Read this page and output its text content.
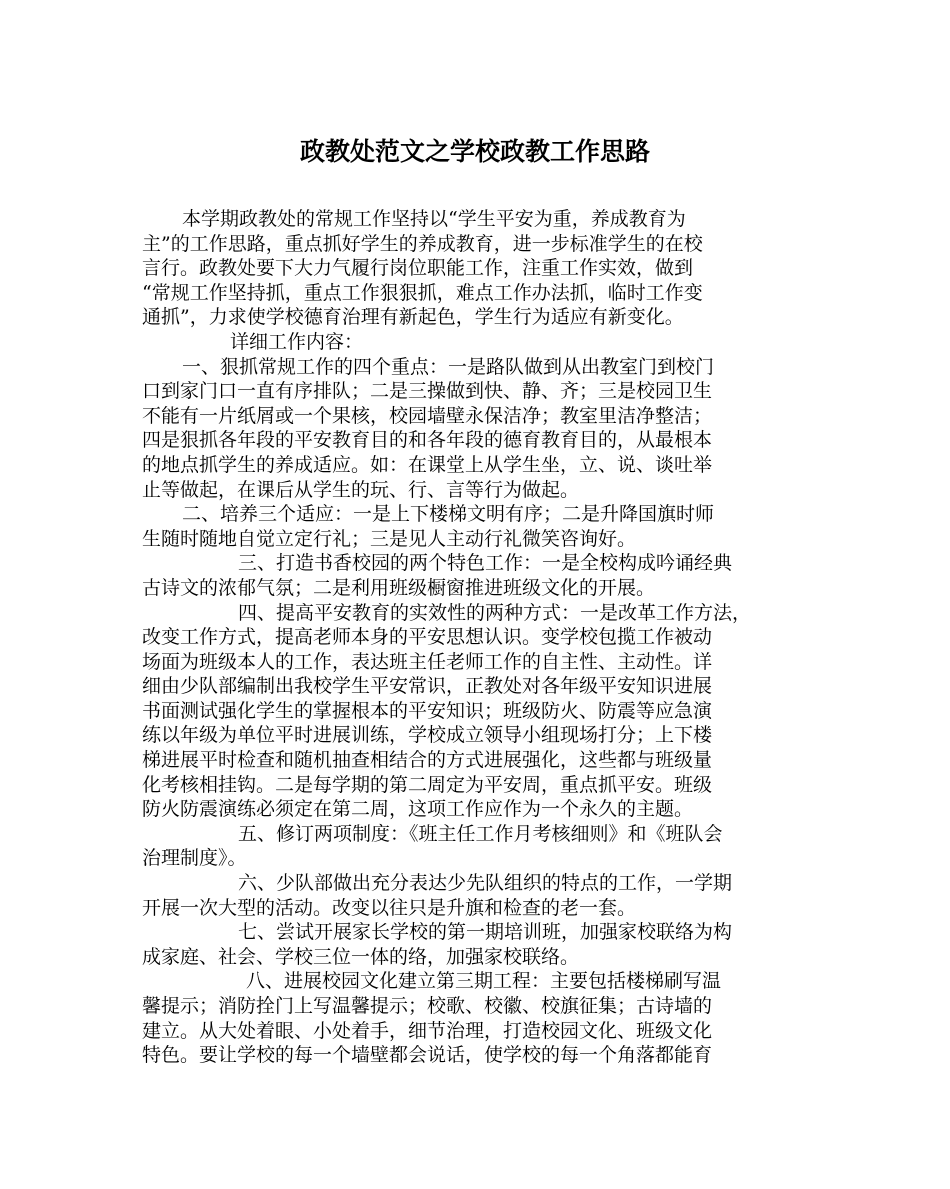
政教处范文之学校政教工作思路
本学期政教处的常规工作坚持以“学生平安为重，养成教育为
主”的工作思路，重点抓好学生的养成教育，进一步标准学生的在校
言行。政教处要下大力气履行岗位职能工作，注重工作实效，做到
“常规工作坚持抓，重点工作狠狠抓，难点工作办法抓，临时工作变
通抓”，力求使学校德育治理有新起色，学生行为适应有新变化。
详细工作内容：
一、狠抓常规工作的四个重点：一是路队做到从出教室门到校门
口到家门口一直有序排队；二是三操做到快、静、齐；三是校园卫生
不能有一片纸屑或一个果核，校园墙壁永保洁净；教室里洁净整洁；
四是狠抓各年段的平安教育目的和各年段的德育教育目的，从最根本
的地点抓学生的养成适应。如：在课堂上从学生坐，立、说、谈吐举
止等做起，在课后从学生的玩、行、言等行为做起。
二、培养三个适应：一是上下楼梯文明有序；二是升降国旗时师
生随时随地自觉立定行礼；三是见人主动行礼微笑咨询好。
三、打造书香校园的两个特色工作：一是全校构成吟诵经典
古诗文的浓郁气氛；二是利用班级橱窗推进班级文化的开展。
四、提高平安教育的实效性的两种方式：一是改革工作方法，
改变工作方式，提高老师本身的平安思想认识。变学校包揽工作被动
场面为班级本人的工作，表达班主任老师工作的自主性、主动性。详
细由少队部编制出我校学生平安常识，正教处对各年级平安知识进展
书面测试强化学生的掌握根本的平安知识；班级防火、防震等应急演
练以年级为单位平时进展训练，学校成立领导小组现场打分；上下楼
梯进展平时检查和随机抽查相结合的方式进展强化，这些都与班级量
化考核相挂钩。二是每学期的第二周定为平安周，重点抓平安。班级
防火防震演练必须定在第二周，这项工作应作为一个永久的主题。
五、修订两项制度：《班主任工作月考核细则》和《班队会
治理制度》。
六、少队部做出充分表达少先队组织的特点的工作，一学期
开展一次大型的活动。改变以往只是升旗和检查的老一套。
七、尝试开展家长学校的第一期培训班，加强家校联络为构
成家庭、社会、学校三位一体的络，加强家校联络。
八、进展校园文化建立第三期工程：主要包括楼梯刷写温
馨提示；消防拴门上写温馨提示；校歌、校徽、校旗征集；古诗墙的
建立。从大处着眼、小处着手，细节治理，打造校园文化、班级文化
特色。要让学校的每一个墙壁都会说话，使学校的每一个角落都能育
